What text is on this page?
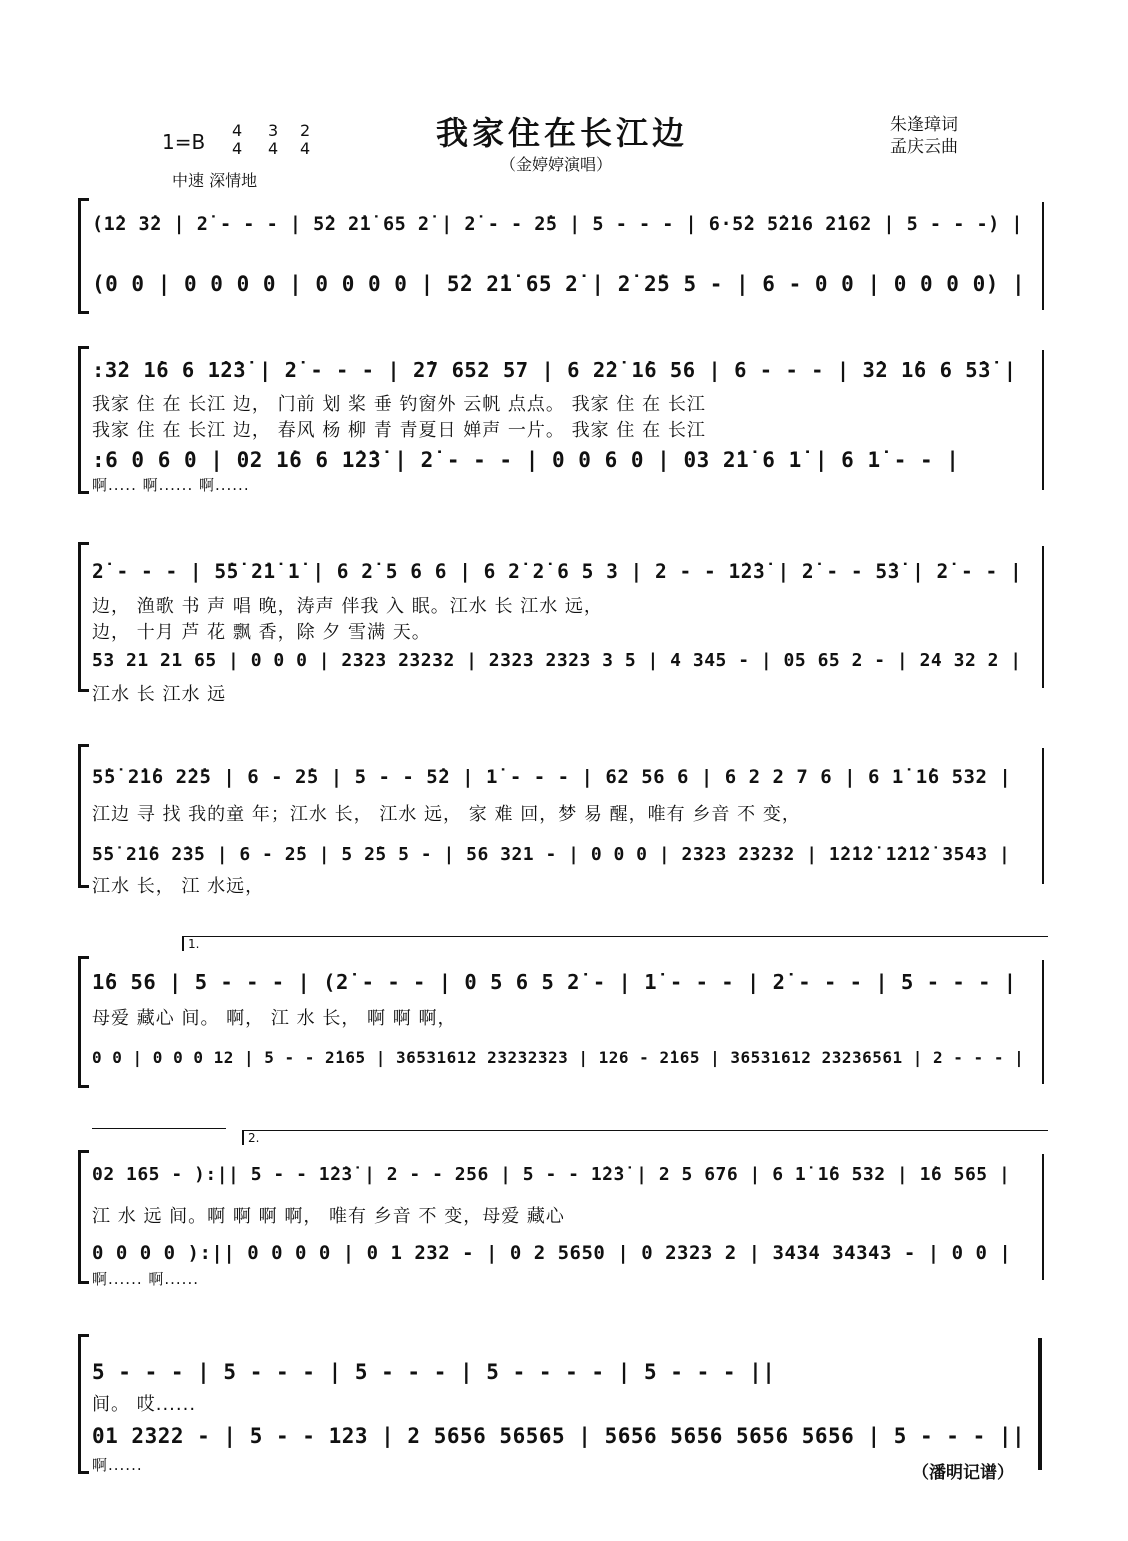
我家住在长江边
（金婷婷演唱）
朱逢璋词
孟庆云曲
1=B 4
4
3
4
2
4
中速 深情地
(1̇2 3̇2 | 2̇ - - - | 5̇2 2̇1̇ 65 2̇ | 2̇ - - 2̇5 | 5 - - - | 6·5̇2 5̇2̇16 2̇162 | 5 - - -) |
(0 0 | 0 0 0 0 | 0 0 0 0 | 5̇2 2̇1̇ 65 2̇ | 2̇ 2̇5 5 - | 6 - 0 0 | 0 0 0 0) |
:3̇2 1̇6 6 1̇2̇3̇ | 2̇ - - - | 2̇7 652 57 | 6 2̇2̇ 1̇6 56 | 6 - - - | 3̇2 1̇6 6 5̇3̇ |
我家 住 在 长江 边， 门前 划 桨 垂 钓窗外 云帆 点点。 我家 住 在 长江
我家 住 在 长江 边， 春风 杨 柳 青 青夏日 婵声 一片。 我家 住 在 长江
:6 0 6 0 | 02 1̇6 6 1̇2̇3̇ | 2̇ - - - | 0 0 6 0 | 03 2̇1̇ 6 1̇ | 6 1̇ - - |
啊..... 啊...... 啊......
2̇ - - - | 5̇5̇ 2̇1̇ 1̇ | 6 2̇ 5 6 6 | 6 2̇ 2̇ 6 5 3 | 2 - - 1̇2̇3̇ | 2̇ - - 5̇3̇ | 2̇ - - |
边， 渔歌 书 声 唱 晚，涛声 伴我 入 眠。江水 长 江水 远，
边， 十月 芦 花 飘 香，除 夕 雪满 天。
53 21 21 65 | 0 0 0 | 2323 23232 | 2323 2323 3 5 | 4 345 - | 05 65 2 - | 24 32 2 |
江水 长 江水 远
5̇5̇ 2̇1̇6 2̇2̇5 | 6 - 2̇5 | 5 - - 5̇2 | 1̇ - - - | 62 56 6 | 6 2 2 7 6 | 6 1̇ 1̇6 532 |
江边 寻 找 我的童 年；江水 长， 江水 远， 家 难 回，梦 易 醒，唯有 乡音 不 变，
5̇5̇ 2̇1̇6 2̇3̇5 | 6 - 2̇5 | 5 2̇5 5 - | 56 321 - | 0 0 0 | 2323 23232 | 1̇2̇1̇2̇ 1̇2̇1̇2̇ 3543 |
江水 长， 江 水远，
1.
1̇6 56 | 5 - - - | (2̇ - - - | 0 5 6 5 2̇ - | 1̇ - - - | 2̇ - - - | 5 - - - |
母爱 藏心 间。 啊， 江 水 长， 啊 啊 啊，
0 0 | 0 0 0 12 | 5 - - 2̇165 | 36531612 23232323 | 126 - 2̇165 | 36531612 23236561 | 2 - - - |
2.
02 165 - ):|| 5 - - 1̇2̇3̇ | 2 - - 256 | 5 - - 1̇2̇3̇ | 2 5 676 | 6 1̇ 1̇6 532 | 1̇6 565 |
江 水 远 间。啊 啊 啊 啊， 唯有 乡音 不 变，母爱 藏心
0 0 0 0 ):|| 0 0 0 0 | 0 1 232 - | 0 2 5650 | 0 2323 2 | 3434 34343 - | 0 0 |
啊...... 啊......
5 - - - | 5 - - - | 5 - - - | 5 - - - - | 5 - - - ||
间。 哎......
01 2322 - | 5 - - 123 | 2 5656 56565 | 5656 5656 5656 5656 | 5 - - - ||
啊......	（潘明记谱）
